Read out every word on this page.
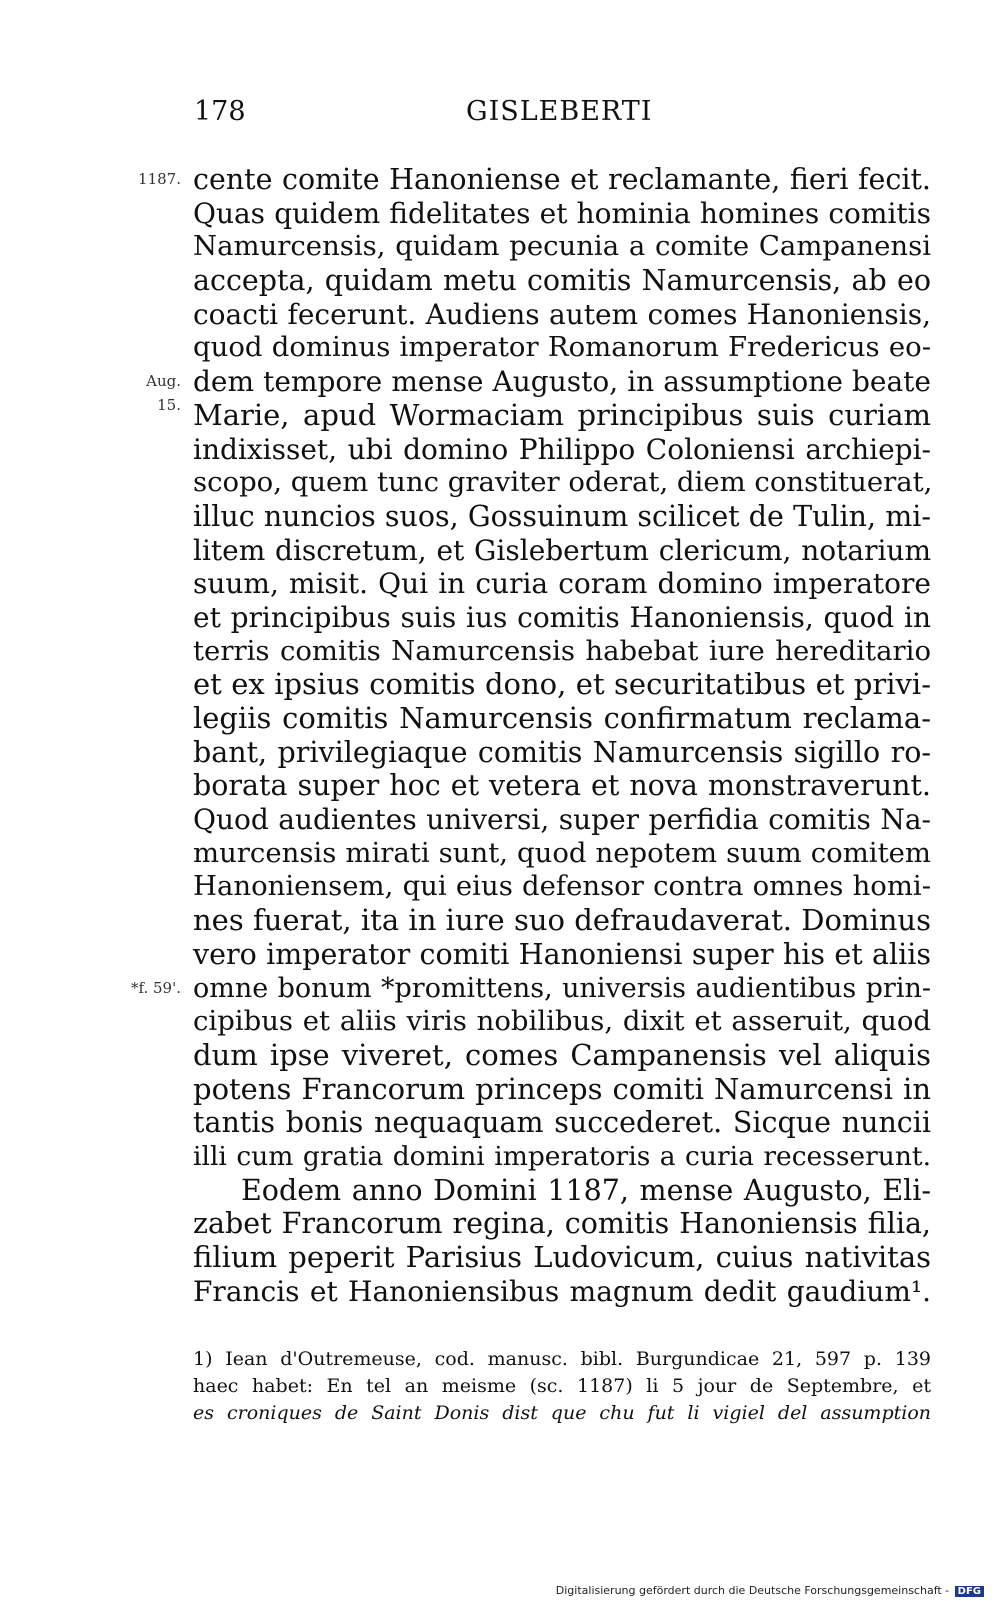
178	GISLEBERTI
1187.
Aug.
15.
*f. 59'.
cente comite Hanoniense et reclamante, fieri fecit.
Quas quidem fidelitates et hominia homines comitis
Namurcensis, quidam pecunia a comite Campanensi
accepta, quidam metu comitis Namurcensis, ab eo
coacti fecerunt. Audiens autem comes Hanoniensis,
quod dominus imperator Romanorum Fredericus eo-
dem tempore mense Augusto, in assumptione beate
Marie, apud Wormaciam principibus suis curiam
indixisset, ubi domino Philippo Coloniensi archiepi-
scopo, quem tunc graviter oderat, diem constituerat,
illuc nuncios suos, Gossuinum scilicet de Tulin, mi-
litem discretum, et Gislebertum clericum, notarium
suum, misit. Qui in curia coram domino imperatore
et principibus suis ius comitis Hanoniensis, quod in
terris comitis Namurcensis habebat iure hereditario
et ex ipsius comitis dono, et securitatibus et privi-
legiis comitis Namurcensis confirmatum reclama-
bant, privilegiaque comitis Namurcensis sigillo ro-
borata super hoc et vetera et nova monstraverunt.
Quod audientes universi, super perfidia comitis Na-
murcensis mirati sunt, quod nepotem suum comitem
Hanoniensem, qui eius defensor contra omnes homi-
nes fuerat, ita in iure suo defraudaverat. Dominus
vero imperator comiti Hanoniensi super his et aliis
omne bonum *promittens, universis audientibus prin-
cipibus et aliis viris nobilibus, dixit et asseruit, quod
dum ipse viveret, comes Campanensis vel aliquis
potens Francorum princeps comiti Namurcensi in
tantis bonis nequaquam succederet. Sicque nuncii
illi cum gratia domini imperatoris a curia recesserunt.
Eodem anno Domini 1187, mense Augusto, Eli-
zabet Francorum regina, comitis Hanoniensis filia,
filium peperit Parisius Ludovicum, cuius nativitas
Francis et Hanoniensibus magnum dedit gaudium¹.
1) Iean d'Outremeuse, cod. manusc. bibl. Burgundicae 21, 597 p. 139
haec habet: En tel an meisme (sc. 1187) li 5 jour de Septembre, et
es croniques de Saint Donis dist que chu fut li vigiel del assumption
Digitalisierung gefördert durch die Deutsche Forschungsgemeinschaft - DFG
